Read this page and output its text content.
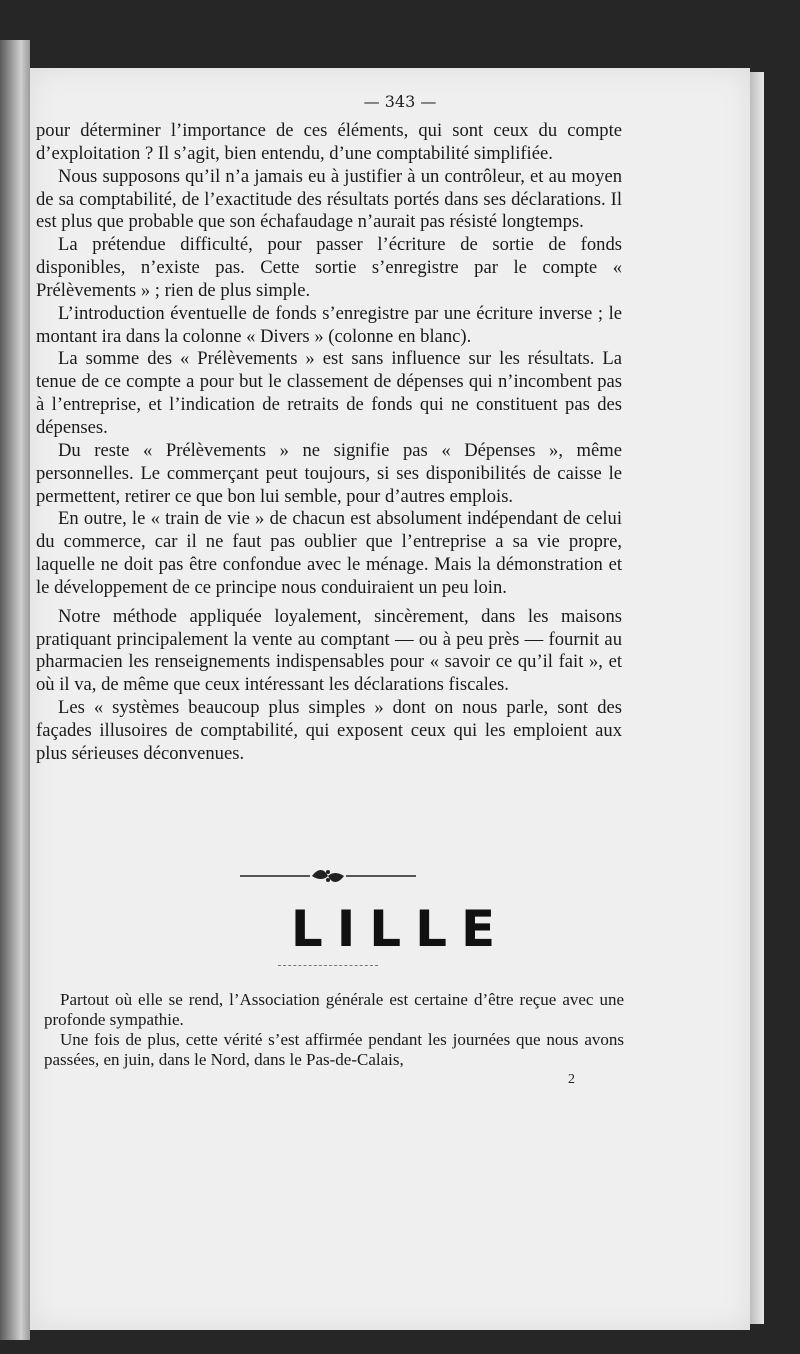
— 343 —

pour déterminer l’importance de ces éléments, qui sont ceux du compte d’exploitation ? Il s’agit, bien entendu, d’une comptabilité simplifiée.

Nous supposons qu’il n’a jamais eu à justifier à un contrôleur, et au moyen de sa comptabilité, de l’exactitude des résultats portés dans ses déclarations. Il est plus que probable que son échafaudage n’aurait pas résisté longtemps.

La prétendue difficulté, pour passer l’écriture de sortie de fonds disponibles, n’existe pas. Cette sortie s’enregistre par le compte « Prélèvements » ; rien de plus simple.

L’introduction éventuelle de fonds s’enregistre par une écriture inverse ; le montant ira dans la colonne « Divers » (colonne en blanc).

La somme des « Prélèvements » est sans influence sur les résultats. La tenue de ce compte a pour but le classement de dépenses qui n’incombent pas à l’entreprise, et l’indication de retraits de fonds qui ne constituent pas des dépenses.

Du reste « Prélèvements » ne signifie pas « Dépenses », même personnelles. Le commerçant peut toujours, si ses disponibilités de caisse le permettent, retirer ce que bon lui semble, pour d’autres emplois.

En outre, le « train de vie » de chacun est absolument indépendant de celui du commerce, car il ne faut pas oublier que l’entreprise a sa vie propre, laquelle ne doit pas être confondue avec le ménage. Mais la démonstration et le développement de ce principe nous conduiraient un peu loin.

Notre méthode appliquée loyalement, sincèrement, dans les maisons pratiquant principalement la vente au comptant — ou à peu près — fournit au pharmacien les renseignements indispensables pour « savoir ce qu’il fait », et où il va, de même que ceux intéressant les déclarations fiscales.

Les « systèmes beaucoup plus simples » dont on nous parle, sont des façades illusoires de comptabilité, qui exposent ceux qui les emploient aux plus sérieuses déconvenues.

LILLE

Partout où elle se rend, l’Association générale est certaine d’être reçue avec une profonde sympathie.

Une fois de plus, cette vérité s’est affirmée pendant les journées que nous avons passées, en juin, dans le Nord, dans le Pas-de-Calais,

2
